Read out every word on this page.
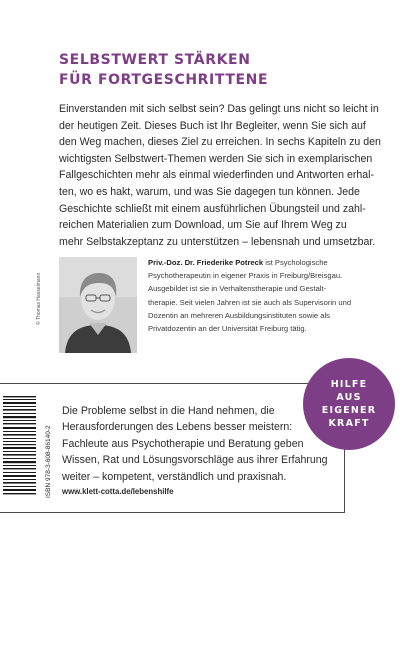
SELBSTWERT STÄRKEN
FÜR FORTGESCHRITTENE
Einverstanden mit sich selbst sein? Das gelingt uns nicht so leicht in
der heutigen Zeit. Dieses Buch ist Ihr Begleiter, wenn Sie sich auf
den Weg machen, dieses Ziel zu erreichen. In sechs Kapiteln zu den
wichtigsten Selbstwert-Themen werden Sie sich in exemplarischen
Fallgeschichten mehr als einmal wiederfinden und Antworten erhal-
ten, wo es hakt, warum, und was Sie dagegen tun können. Jede
Geschichte schließt mit einem ausführlichen Übungsteil und zahl-
reichen Materialien zum Download, um Sie auf Ihrem Weg zu
mehr Selbstakzeptanz zu unterstützen – lebensnah und umsetzbar.
© Thomas Hasselmann
Priv.-Doz. Dr. Friederike Potreck ist Psychologische
Psychotherapeutin in eigener Praxis in Freiburg/Breisgau.
Ausgebildet ist sie in Verhaltenstherapie und Gestalt-
therapie. Seit vielen Jahren ist sie auch als Supervisorin und
Dozentin an mehreren Ausbildungsinstituten sowie als
Privatdozentin an der Universität Freiburg tätig.
Die Probleme selbst in die Hand nehmen, die
Herausforderungen des Lebens besser meistern:
Fachleute aus Psychotherapie und Beratung geben
Wissen, Rat und Lösungsvorschläge aus ihrer Erfahrung
weiter – kompetent, verständlich und praxisnah.
www.klett-cotta.de/lebenshilfe
HILFE
AUS
EIGENER
KRAFT
ISBN 978-3-608-86140-2
